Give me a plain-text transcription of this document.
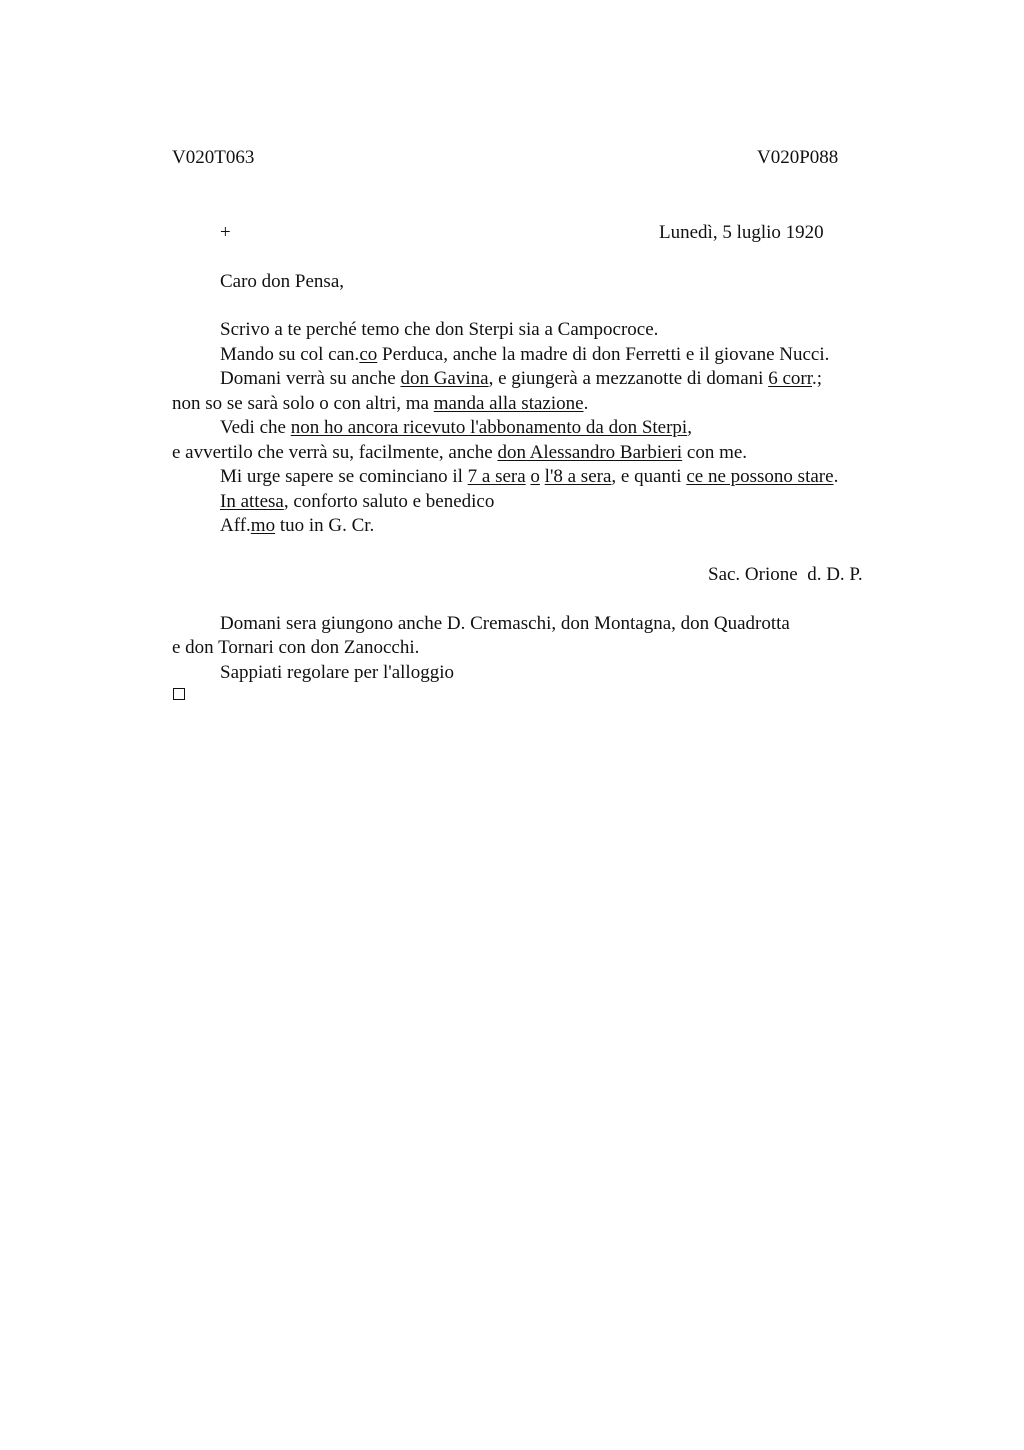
V020T063	V020P088
+	Lunedì, 5 luglio 1920
Caro don Pensa,
Scrivo a te perché temo che don Sterpi sia a Campocroce.
Mando su col can.co Perduca, anche la madre di don Ferretti e il giovane Nucci.
Domani verrà su anche don Gavina, e giungerà a mezzanotte di domani 6 corr.;
non so se sarà solo o con altri, ma manda alla stazione.
Vedi che non ho ancora ricevuto l'abbonamento da don Sterpi,
e avvertilo che verrà su, facilmente, anche don Alessandro Barbieri con me.
Mi urge sapere se cominciano il 7 a sera o l'8 a sera, e quanti ce ne possono stare.
In attesa, conforto saluto e benedico
Aff.mo tuo in G. Cr.
Sac. Orione  d. D. P.
Domani sera giungono anche D. Cremaschi, don Montagna, don Quadrotta
e don Tornari con don Zanocchi.
Sappiati regolare per l'alloggio
